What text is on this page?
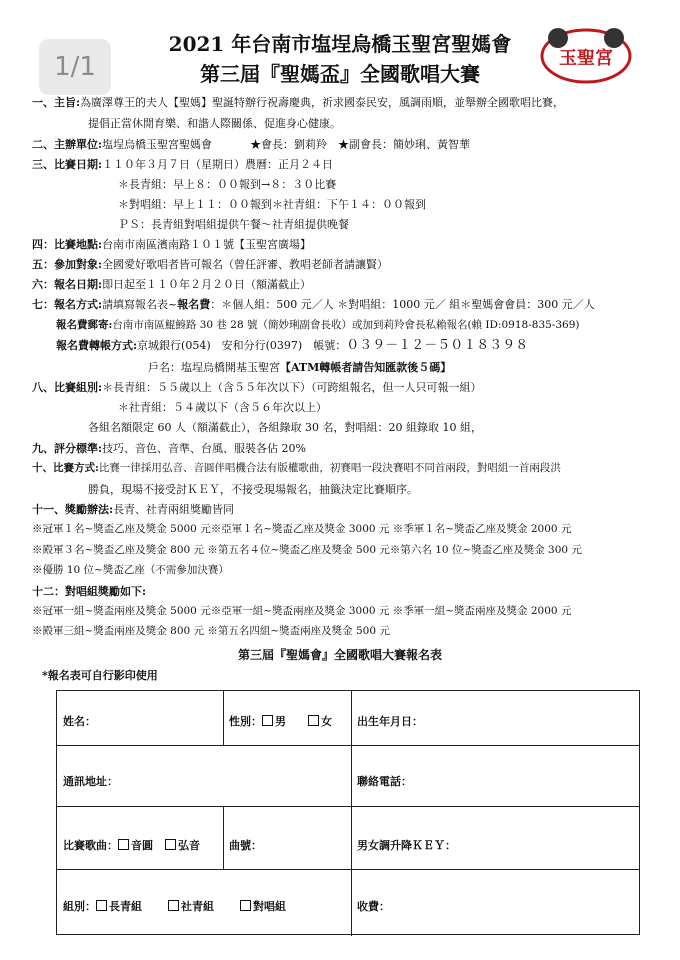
1/1
2021 年台南市塩埕烏橋玉聖宮聖媽會
第三屆『聖媽盃』全國歌唱大賽
玉聖宮
一、主旨:為廣澤尊王的夫人【聖媽】聖誕特辦行祝壽慶典，祈求國泰民安，風調雨順，並舉辦全國歌唱比賽，
提倡正當休閒育樂、和諧人際關係、促進身心健康。
二、主辦單位:塩埕烏橋玉聖宮聖媽會	★會長：劉莉羚　★副會長：簡妙琍、黃智華
三、比賽日期:１１０年３月７日（星期日）農曆：正月２４日
＊長青組：早上８：００報到→８：３０比賽
＊對唱組：早上１１：００報到＊社青組：下午１４：００報到
ＰＳ：長青組對唱組提供午餐～社青組提供晚餐
四：比賽地點:台南市南區濱南路１０１號【玉聖宮廣場】
五：參加對象:全國愛好歌唱者皆可報名（曾任評審、教唱老師者請讓賢）
六：報名日期:即日起至１１０年２月２０日（額滿截止）
七：報名方式:請填寫報名表~報名費：＊個人組：500 元／人 ＊對唱組：1000 元／ 組＊聖媽會會員：300 元／人
報名費郵寄:台南市南區鯤鯓路 30 巷 28 號（簡妙琍副會長收）或加到莉羚會長私賴報名(賴 ID:0918-835-369)
報名費轉帳方式:京城銀行(054)　安和分行(0397)　帳號：０３９－１２－５０１８３９８
戶名：塩埕烏橋開基玉聖宮【ATM轉帳者請告知匯款後５碼】
八、比賽組別:＊長青組：５５歲以上（含５５年次以下）（可跨組報名，但一人只可報一組）
＊社青組：５４歲以下（含５６年次以上）
各組名額限定 60 人（額滿截止），各組錄取 30 名，對唱組：20 組錄取 10 組，
九、評分標準:技巧、音色、音準、台風、服裝各佔 20%
十、比賽方式:比賽一律採用弘音、音圓伴唱機合法有版權歌曲，初賽唱一段決賽唱不同首兩段，對唱組一首兩段洪
勝負，現場不接受討ＫＥＹ，不接受現場報名，抽籤決定比賽順序。
十一、獎勵辦法:長青、社青兩組獎勵皆同
※冠軍１名~獎盃乙座及獎金 5000 元※亞軍１名~獎盃乙座及獎金 3000 元 ※季軍１名~獎盃乙座及獎金 2000 元
※殿軍３名~獎盃乙座及獎金 800 元 ※第五名４位~獎盃乙座及獎金 500 元※第六名 10 位~獎盃乙座及獎金 300 元
※優勝 10 位~獎盃乙座（不需參加決賽）
十二：對唱組獎勵如下:
※冠軍一組~獎盃兩座及獎金 5000 元※亞軍一組~獎盃兩座及獎金 3000 元 ※季軍一組~獎盃兩座及獎金 2000 元
※殿軍三組~獎盃兩座及獎金 800 元 ※第五名四組~獎盃兩座及獎金 500 元
第三屆『聖媽會』全國歌唱大賽報名表
*報名表可自行影印使用
姓名：	性別： 男	女 出生年月日：
通訊地址：	聯絡電話：
比賽歌曲： 音圓 弘音	曲號：	男女調升降ＫＥＹ：
組別： 長青組	社青組	對唱組	收費：
